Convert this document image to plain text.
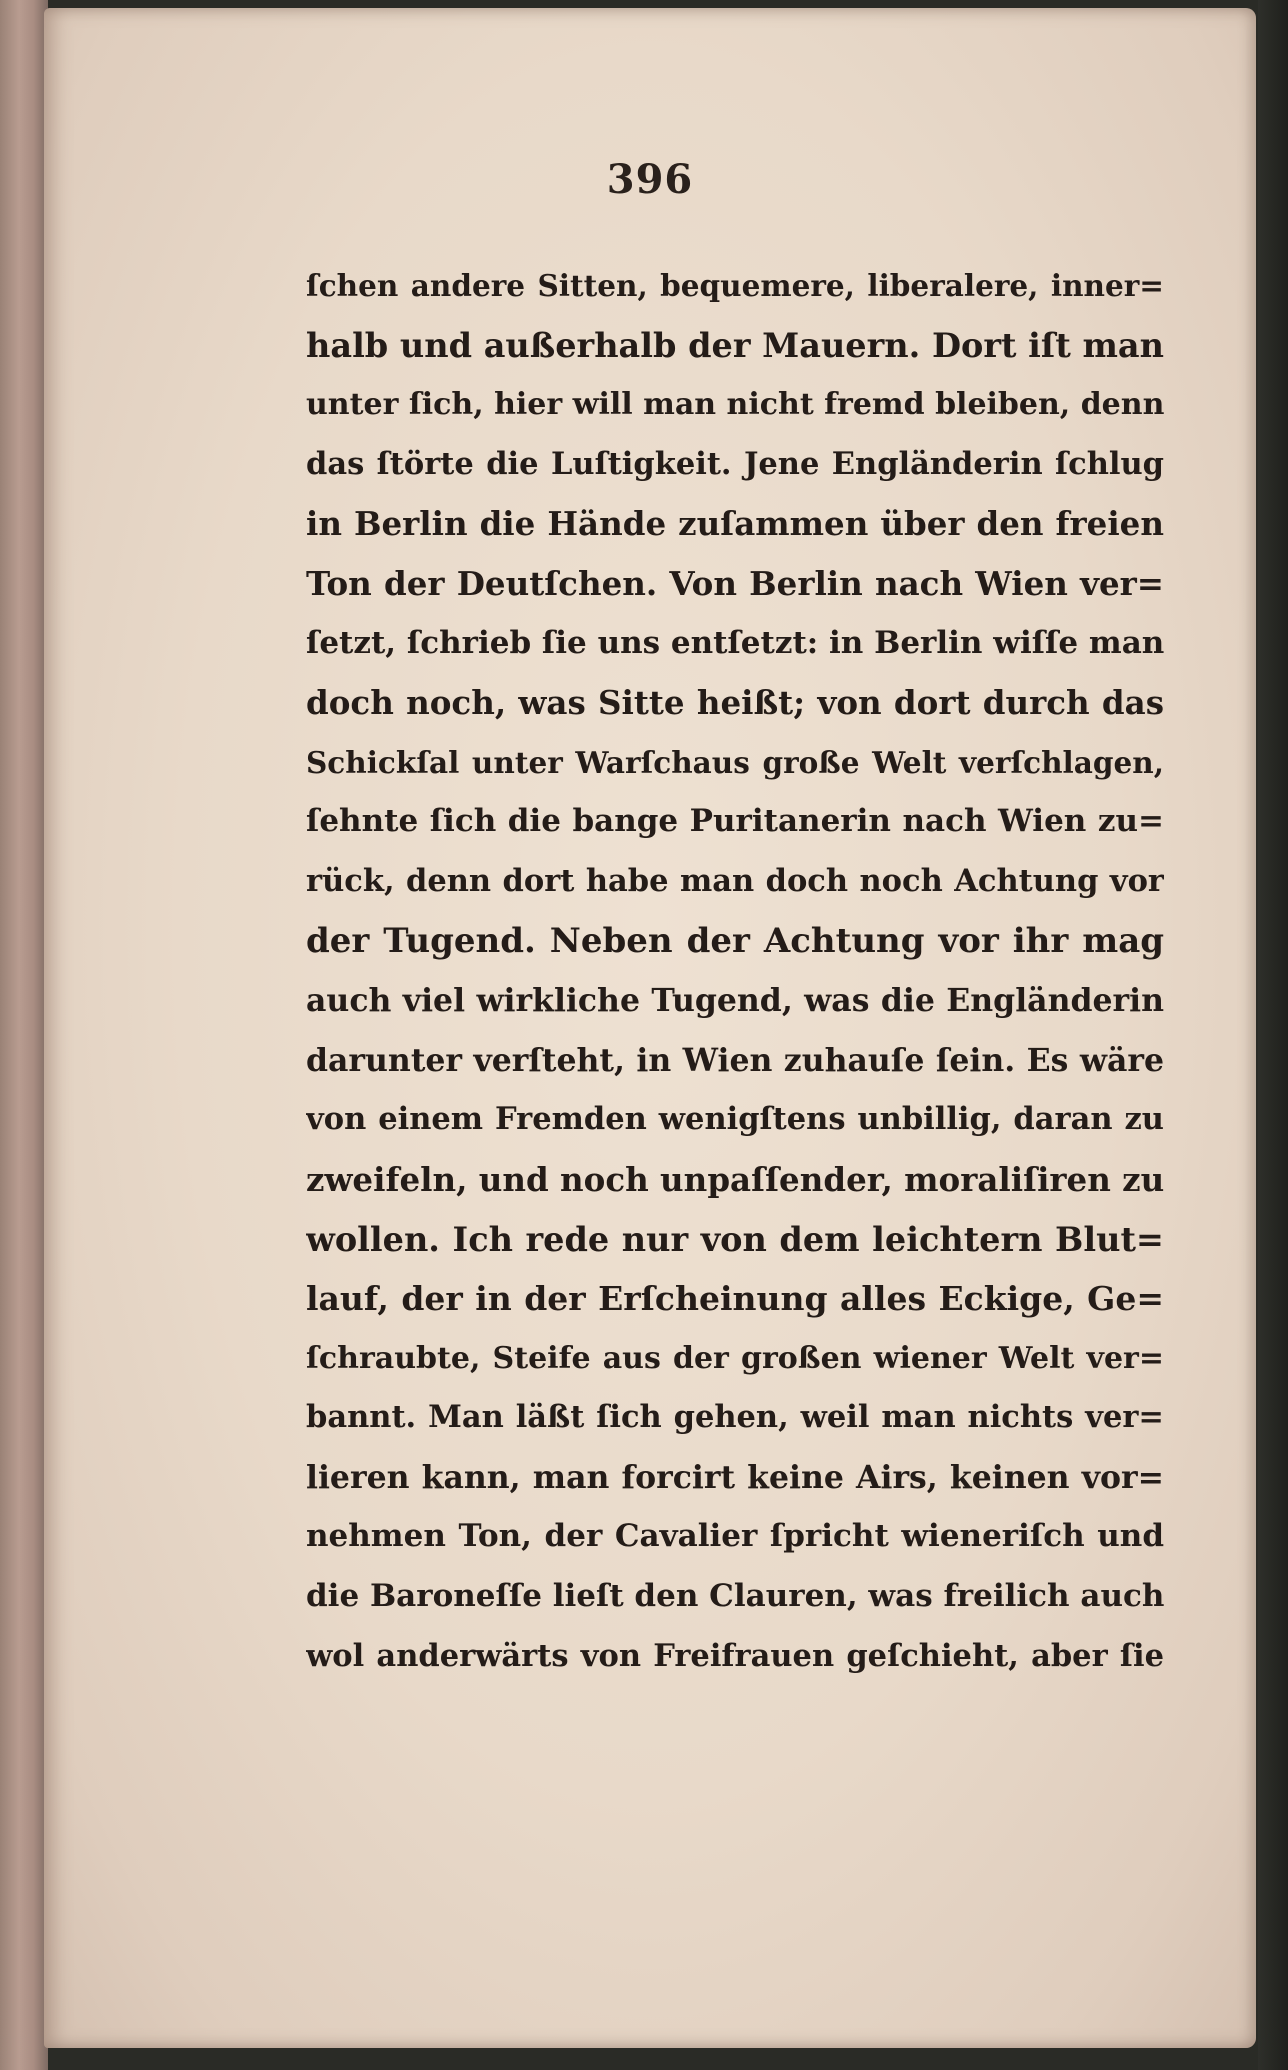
396
ſchen andere Sitten, bequemere, liberalere, inner=
halb und außerhalb der Mauern. Dort iſt man
unter ſich, hier will man nicht fremd bleiben, denn
das ſtörte die Luſtigkeit. Jene Engländerin ſchlug
in Berlin die Hände zuſammen über den freien
Ton der Deutſchen. Von Berlin nach Wien ver=
ſetzt, ſchrieb ſie uns entſetzt: in Berlin wiſſe man
doch noch, was Sitte heißt; von dort durch das
Schickſal unter Warſchaus große Welt verſchlagen,
ſehnte ſich die bange Puritanerin nach Wien zu=
rück, denn dort habe man doch noch Achtung vor
der Tugend. Neben der Achtung vor ihr mag
auch viel wirkliche Tugend, was die Engländerin
darunter verſteht, in Wien zuhauſe ſein. Es wäre
von einem Fremden wenigſtens unbillig, daran zu
zweifeln, und noch unpaſſender, moraliſiren zu
wollen. Ich rede nur von dem leichtern Blut=
lauf, der in der Erſcheinung alles Eckige, Ge=
ſchraubte, Steife aus der großen wiener Welt ver=
bannt. Man läßt ſich gehen, weil man nichts ver=
lieren kann, man forcirt keine Airs, keinen vor=
nehmen Ton, der Cavalier ſpricht wieneriſch und
die Baroneſſe lieſt den Clauren, was freilich auch
wol anderwärts von Freifrauen geſchieht, aber ſie
